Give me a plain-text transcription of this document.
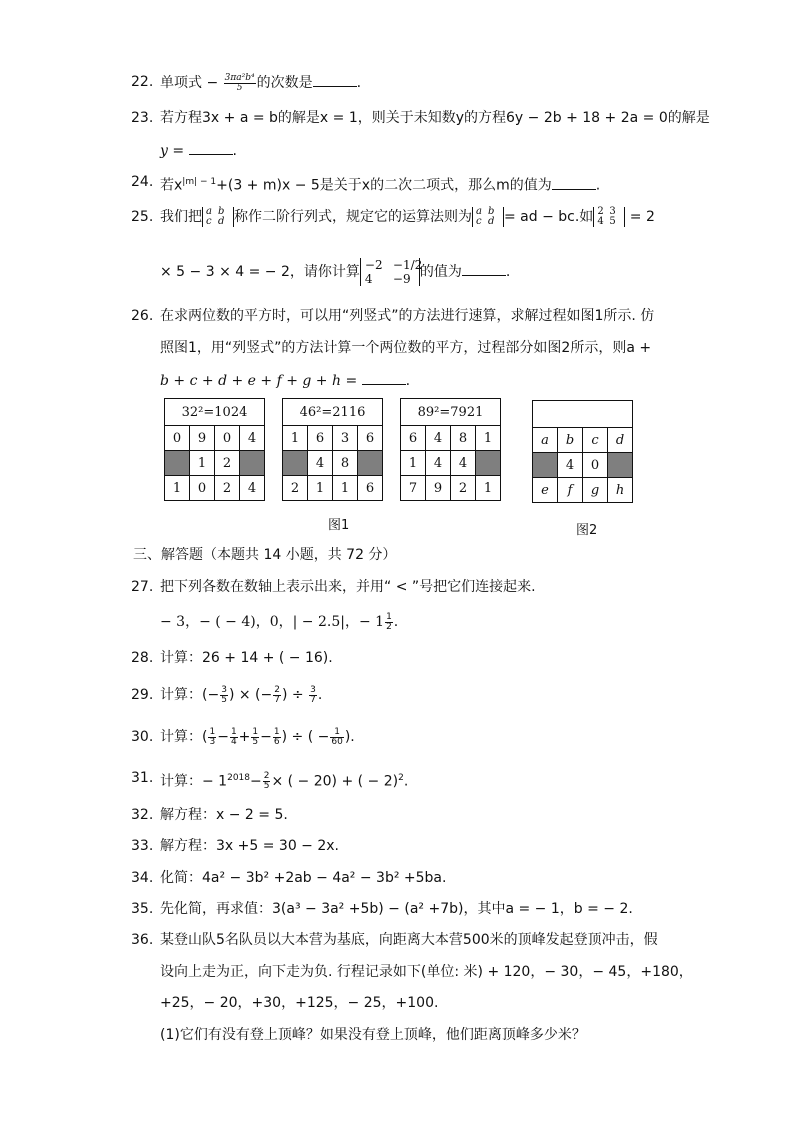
22. 单项式 − $\frac{\text{3πa²b⁴}}{5}$ 的次数是	.
23. 若方程3x + a = b的解是x = 1，则关于未知数y的方程6y − 2b + 18 + 2a = 0的解是
y =	.
24. 若$x^{|m| - 1}+(3 + m)x - 5$是关于x的二次二项式，那么m的值为	.
25. 我们把 a b
c d 称作二阶行列式，规定它的运算法则为 a b
c d = ad − bc.如 2 3
4 5 = 2
× 5 − 3 × 4 = − 2，请你计算 −2 −1/2
4 −9 的值为	.
26. 在求两位数的平方时，可以用“列竖式”的方法进行速算，求解过程如图1所示. 仿
照图1，用“列竖式”的方法计算一个两位数的平方，过程部分如图2所示，则a +
b + c + d + e + f + g + h =	.
32²=1024			
0	9	0	4
	1	2	
1	0	2	4
46²=2116			
1	6	3	6
	4	8	
2	1	1	6
89²=7921			
6	4	8	1
1	4	4	
7	9	2	1

a	b	c	d
	4	0	
e	f	g	h
图1	图2
三、解答题（本题共 14 小题，共 72 分）
27. 把下列各数在数轴上表示出来，并用“ < ”号把它们连接起来.
− 3，− ( − 4)，0，| − 2.5|，− $1 \frac{1}{2}$ .
28. 计算：26 + 14 + ( − 16).
29. 计算：(− $\frac{3}{5}$ ) × (− $\frac{2}{7}$ ) ÷ $\frac{3}{7}$ .
30. 计算：( $\frac{1}{3} - \frac{1}{4} + \frac{1}{5} - \frac{1}{6}$ ) ÷ ( − $\frac{1}{60}$ ).
31. 计算：− $1^{2018}- \frac{2}{5}$ × ( − 20) + ( − 2)$^2$.
32. 解方程：x − 2 = 5.
33. 解方程：3x +5 = 30 − 2x.
34. 化简：4a² − 3b² +2ab − 4a² − 3b² +5ba.
35. 先化简，再求值：3(a³ − 3a² +5b) − (a² +7b)，其中a = − 1，b = − 2.
36. 某登山队5名队员以大本营为基底，向距离大本营500米的顶峰发起登顶冲击，假
设向上走为正，向下走为负. 行程记录如下(单位: 米) + 120，− 30，− 45，+180，
+25，− 20，+30，+125，− 25，+100.
(1)它们有没有登上顶峰？如果没有登上顶峰，他们距离顶峰多少米？
